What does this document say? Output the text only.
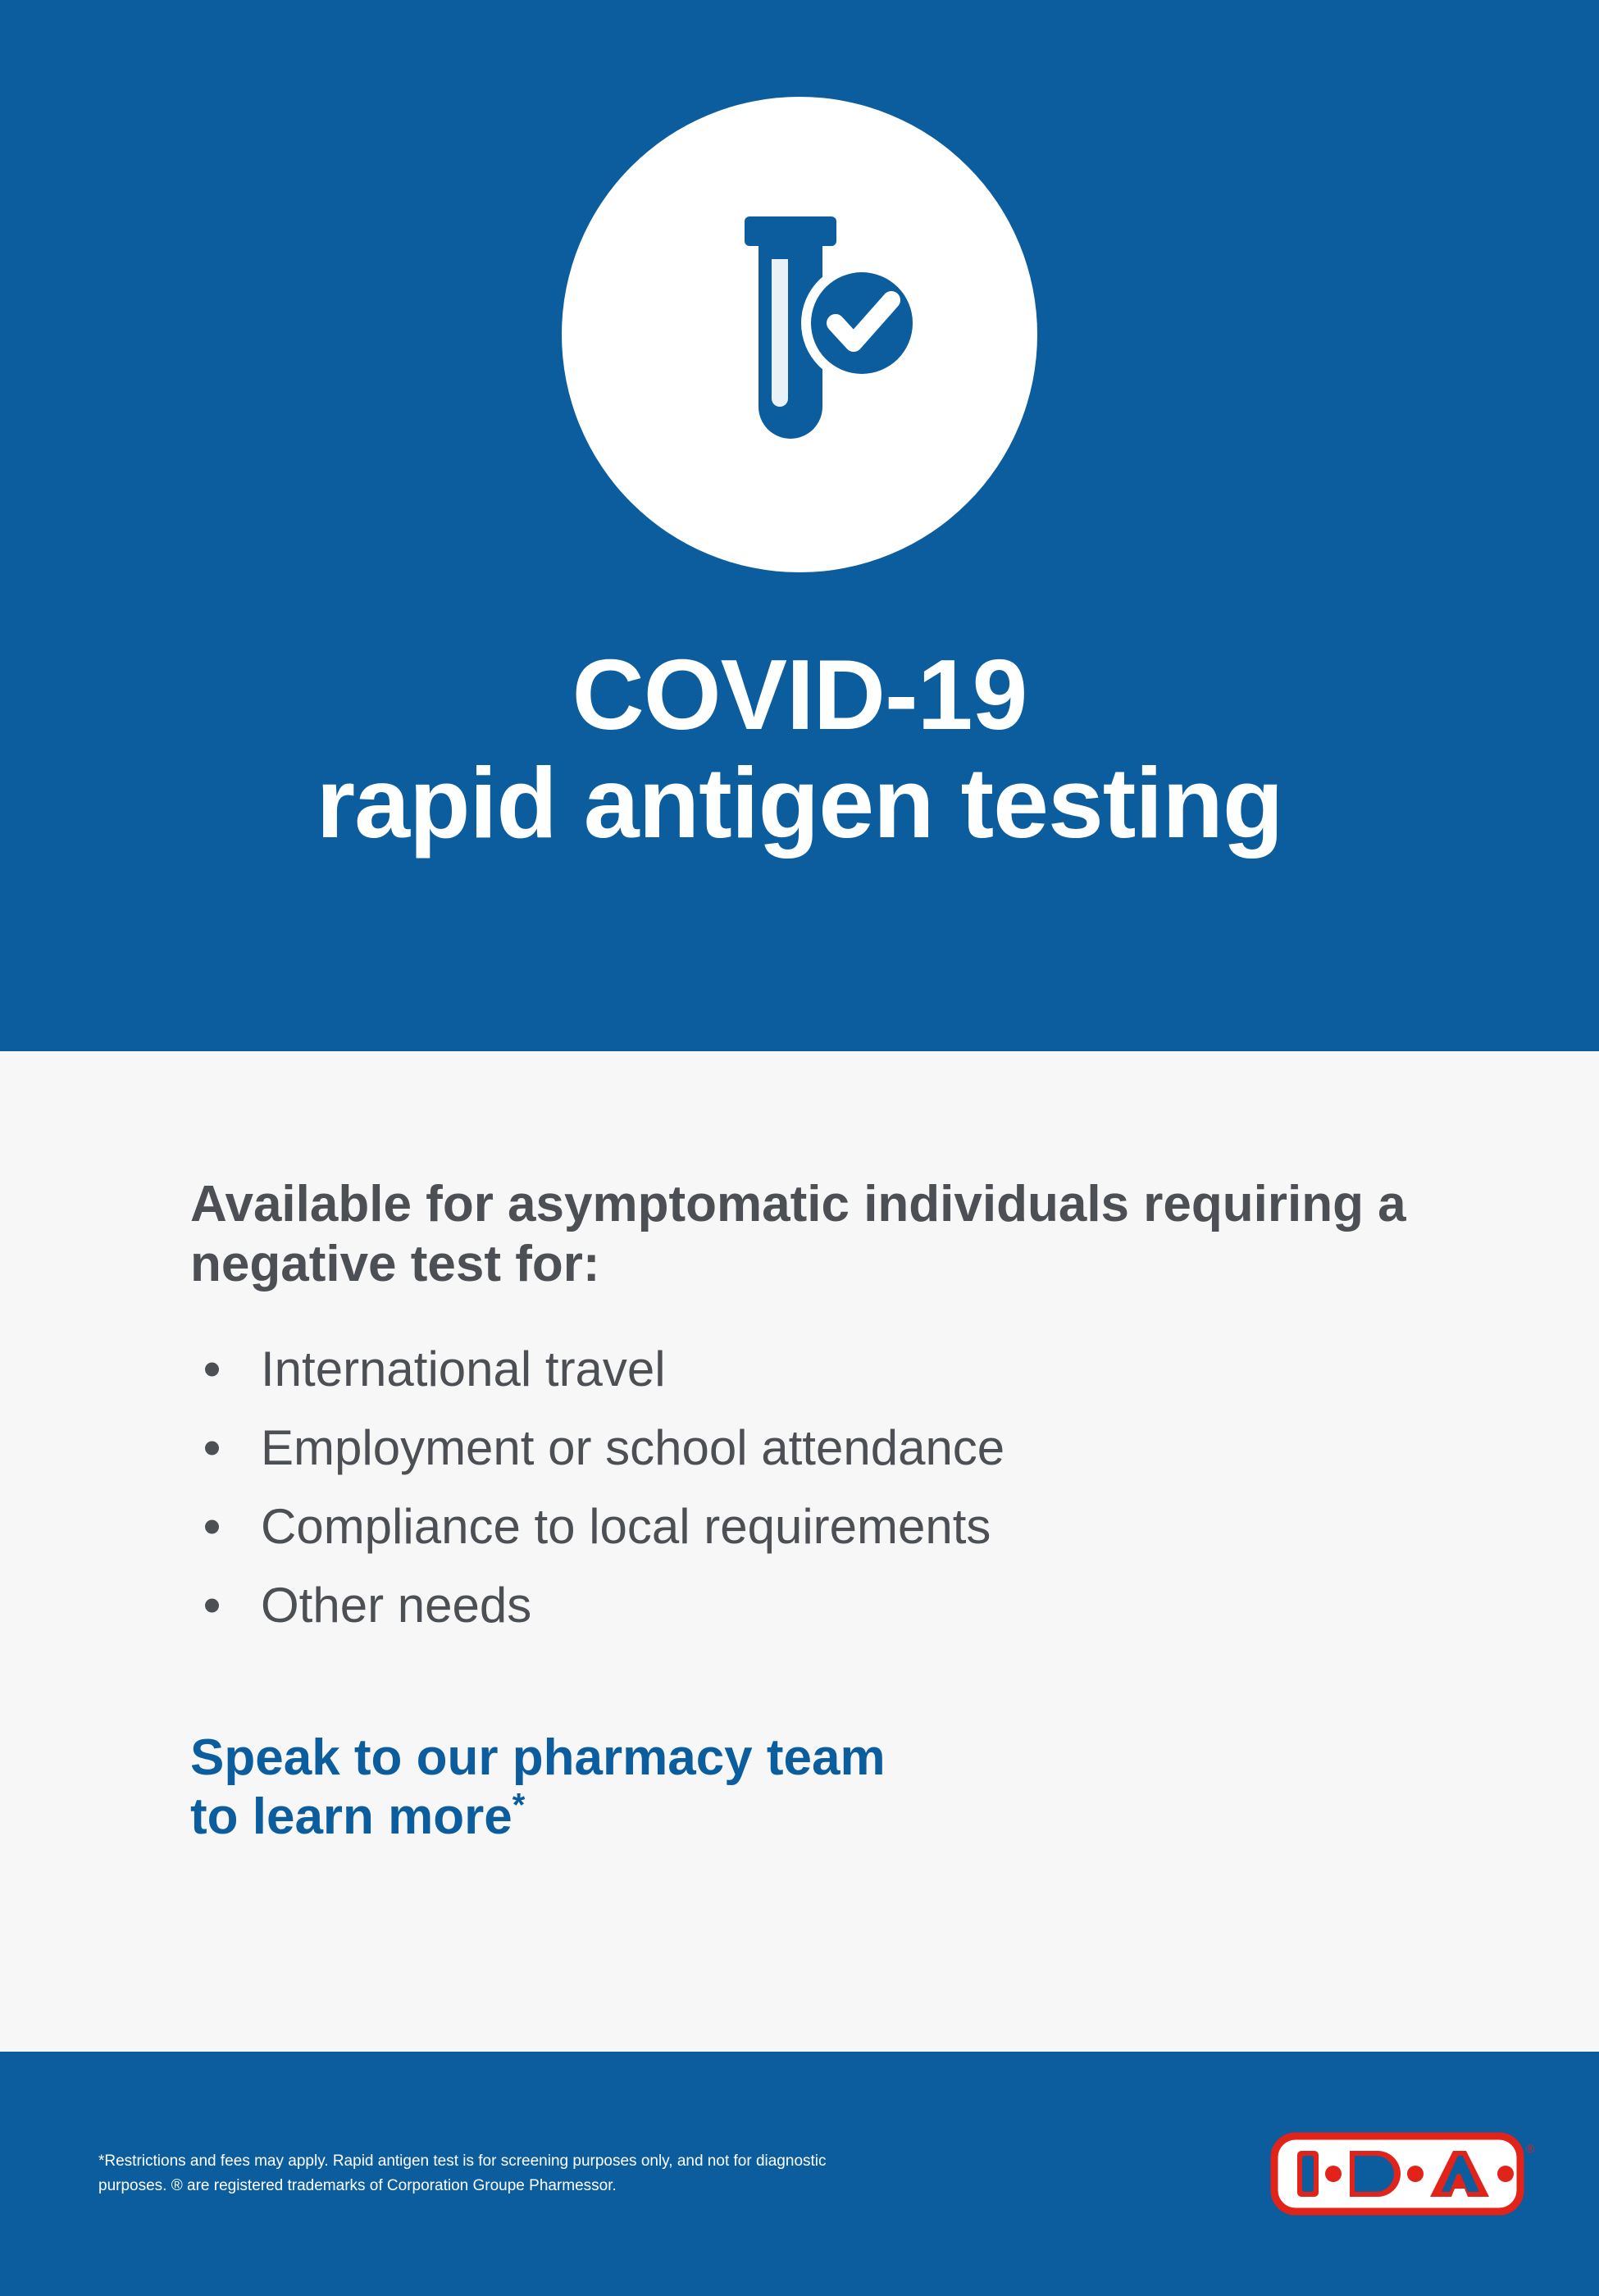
COVID-19
rapid antigen testing

Available for asymptomatic individuals requiring a negative test for:

International travel
Employment or school attendance
Compliance to local requirements
Other needs
Speak to our pharmacy team
to learn more*
*Restrictions and fees may apply. Rapid antigen test is for screening purposes only, and not for diagnostic
purposes. ® are registered trademarks of Corporation Groupe Pharmessor.
®
